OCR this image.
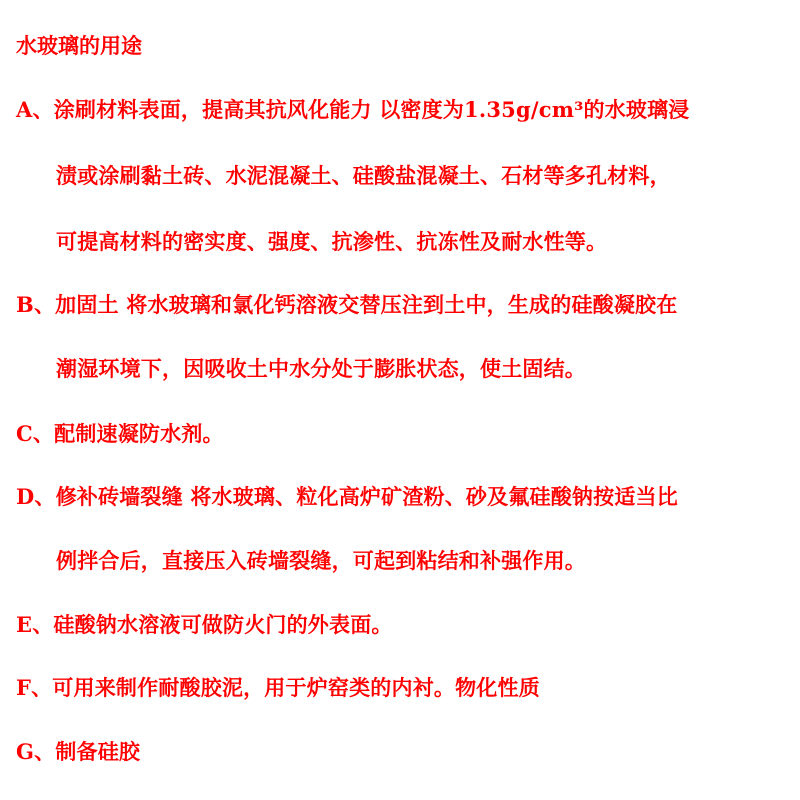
水玻璃的用途
A、涂刷材料表面，提高其抗风化能力 以密度为1.35g/cm³的水玻璃浸
渍或涂刷黏土砖、水泥混凝土、硅酸盐混凝土、石材等多孔材料，
可提高材料的密实度、强度、抗渗性、抗冻性及耐水性等。
B、加固土 将水玻璃和氯化钙溶液交替压注到土中，生成的硅酸凝胶在
潮湿环境下，因吸收土中水分处于膨胀状态，使土固结。
C、配制速凝防水剂。
D、修补砖墙裂缝 将水玻璃、粒化高炉矿渣粉、砂及氟硅酸钠按适当比
例拌合后，直接压入砖墙裂缝，可起到粘结和补强作用。
E、硅酸钠水溶液可做防火门的外表面。
F、可用来制作耐酸胶泥，用于炉窑类的内衬。物化性质
G、制备硅胶
